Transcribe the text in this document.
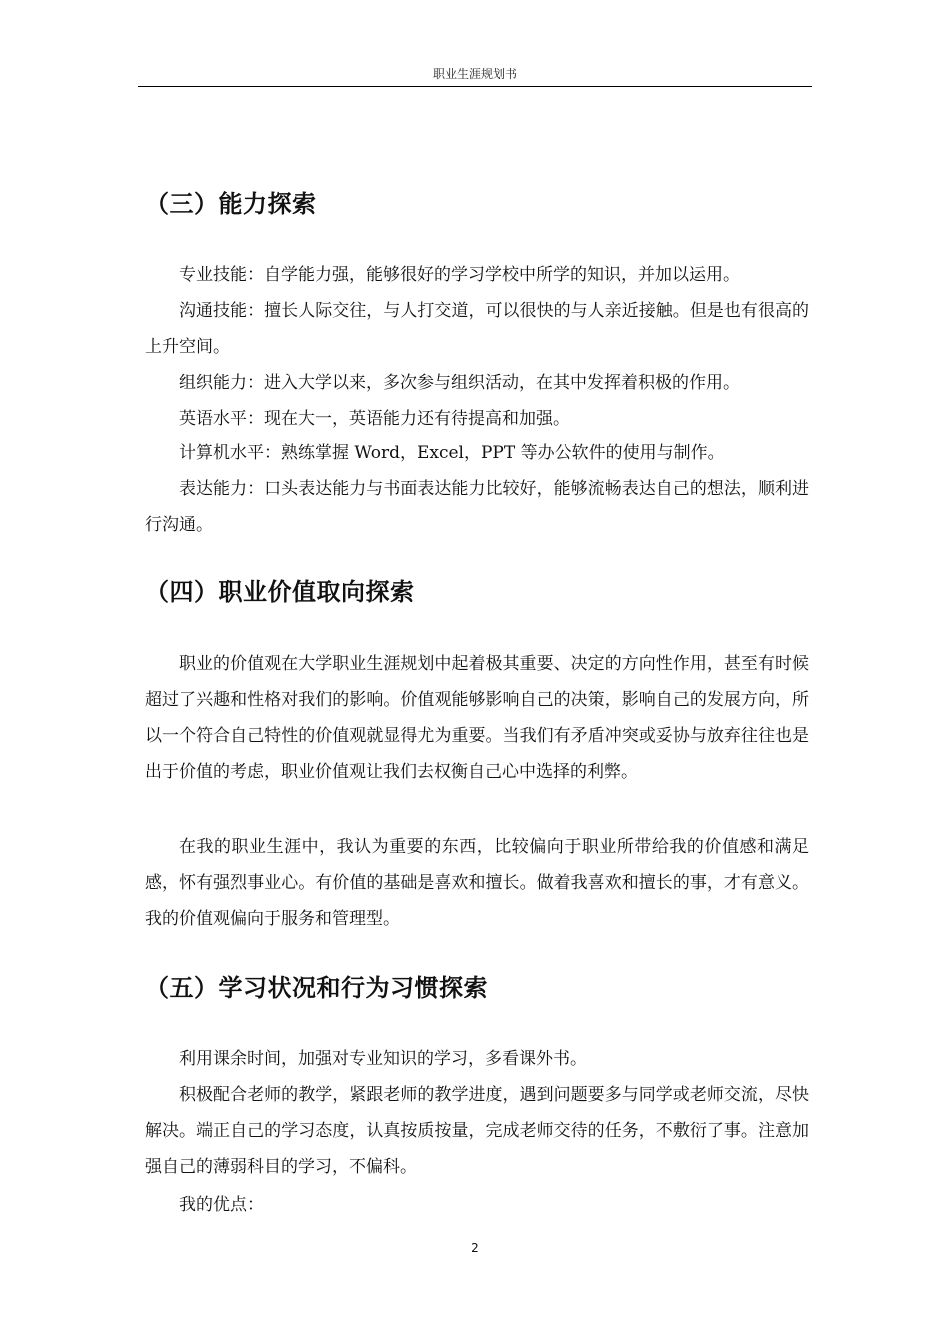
职业生涯规划书
（三）能力探索

专业技能：自学能力强，能够很好的学习学校中所学的知识，并加以运用。

沟通技能：擅长人际交往，与人打交道，可以很快的与人亲近接触。但是也有很高的上升空间。

组织能力：进入大学以来，多次参与组织活动，在其中发挥着积极的作用。

英语水平：现在大一，英语能力还有待提高和加强。

计算机水平：熟练掌握 Word，Excel，PPT 等办公软件的使用与制作。

表达能力：口头表达能力与书面表达能力比较好，能够流畅表达自己的想法，顺利进行沟通。

（四）职业价值取向探索

职业的价值观在大学职业生涯规划中起着极其重要、决定的方向性作用，甚至有时候超过了兴趣和性格对我们的影响。价值观能够影响自己的决策，影响自己的发展方向，所以一个符合自己特性的价值观就显得尤为重要。当我们有矛盾冲突或妥协与放弃往往也是出于价值的考虑，职业价值观让我们去权衡自己心中选择的利弊。

在我的职业生涯中，我认为重要的东西，比较偏向于职业所带给我的价值感和满足感，怀有强烈事业心。有价值的基础是喜欢和擅长。做着我喜欢和擅长的事，才有意义。我的价值观偏向于服务和管理型。

（五）学习状况和行为习惯探索

利用课余时间，加强对专业知识的学习，多看课外书。

积极配合老师的教学，紧跟老师的教学进度，遇到问题要多与同学或老师交流，尽快解决。端正自己的学习态度，认真按质按量，完成老师交待的任务，不敷衍了事。注意加强自己的薄弱科目的学习，不偏科。

我的优点：

2
